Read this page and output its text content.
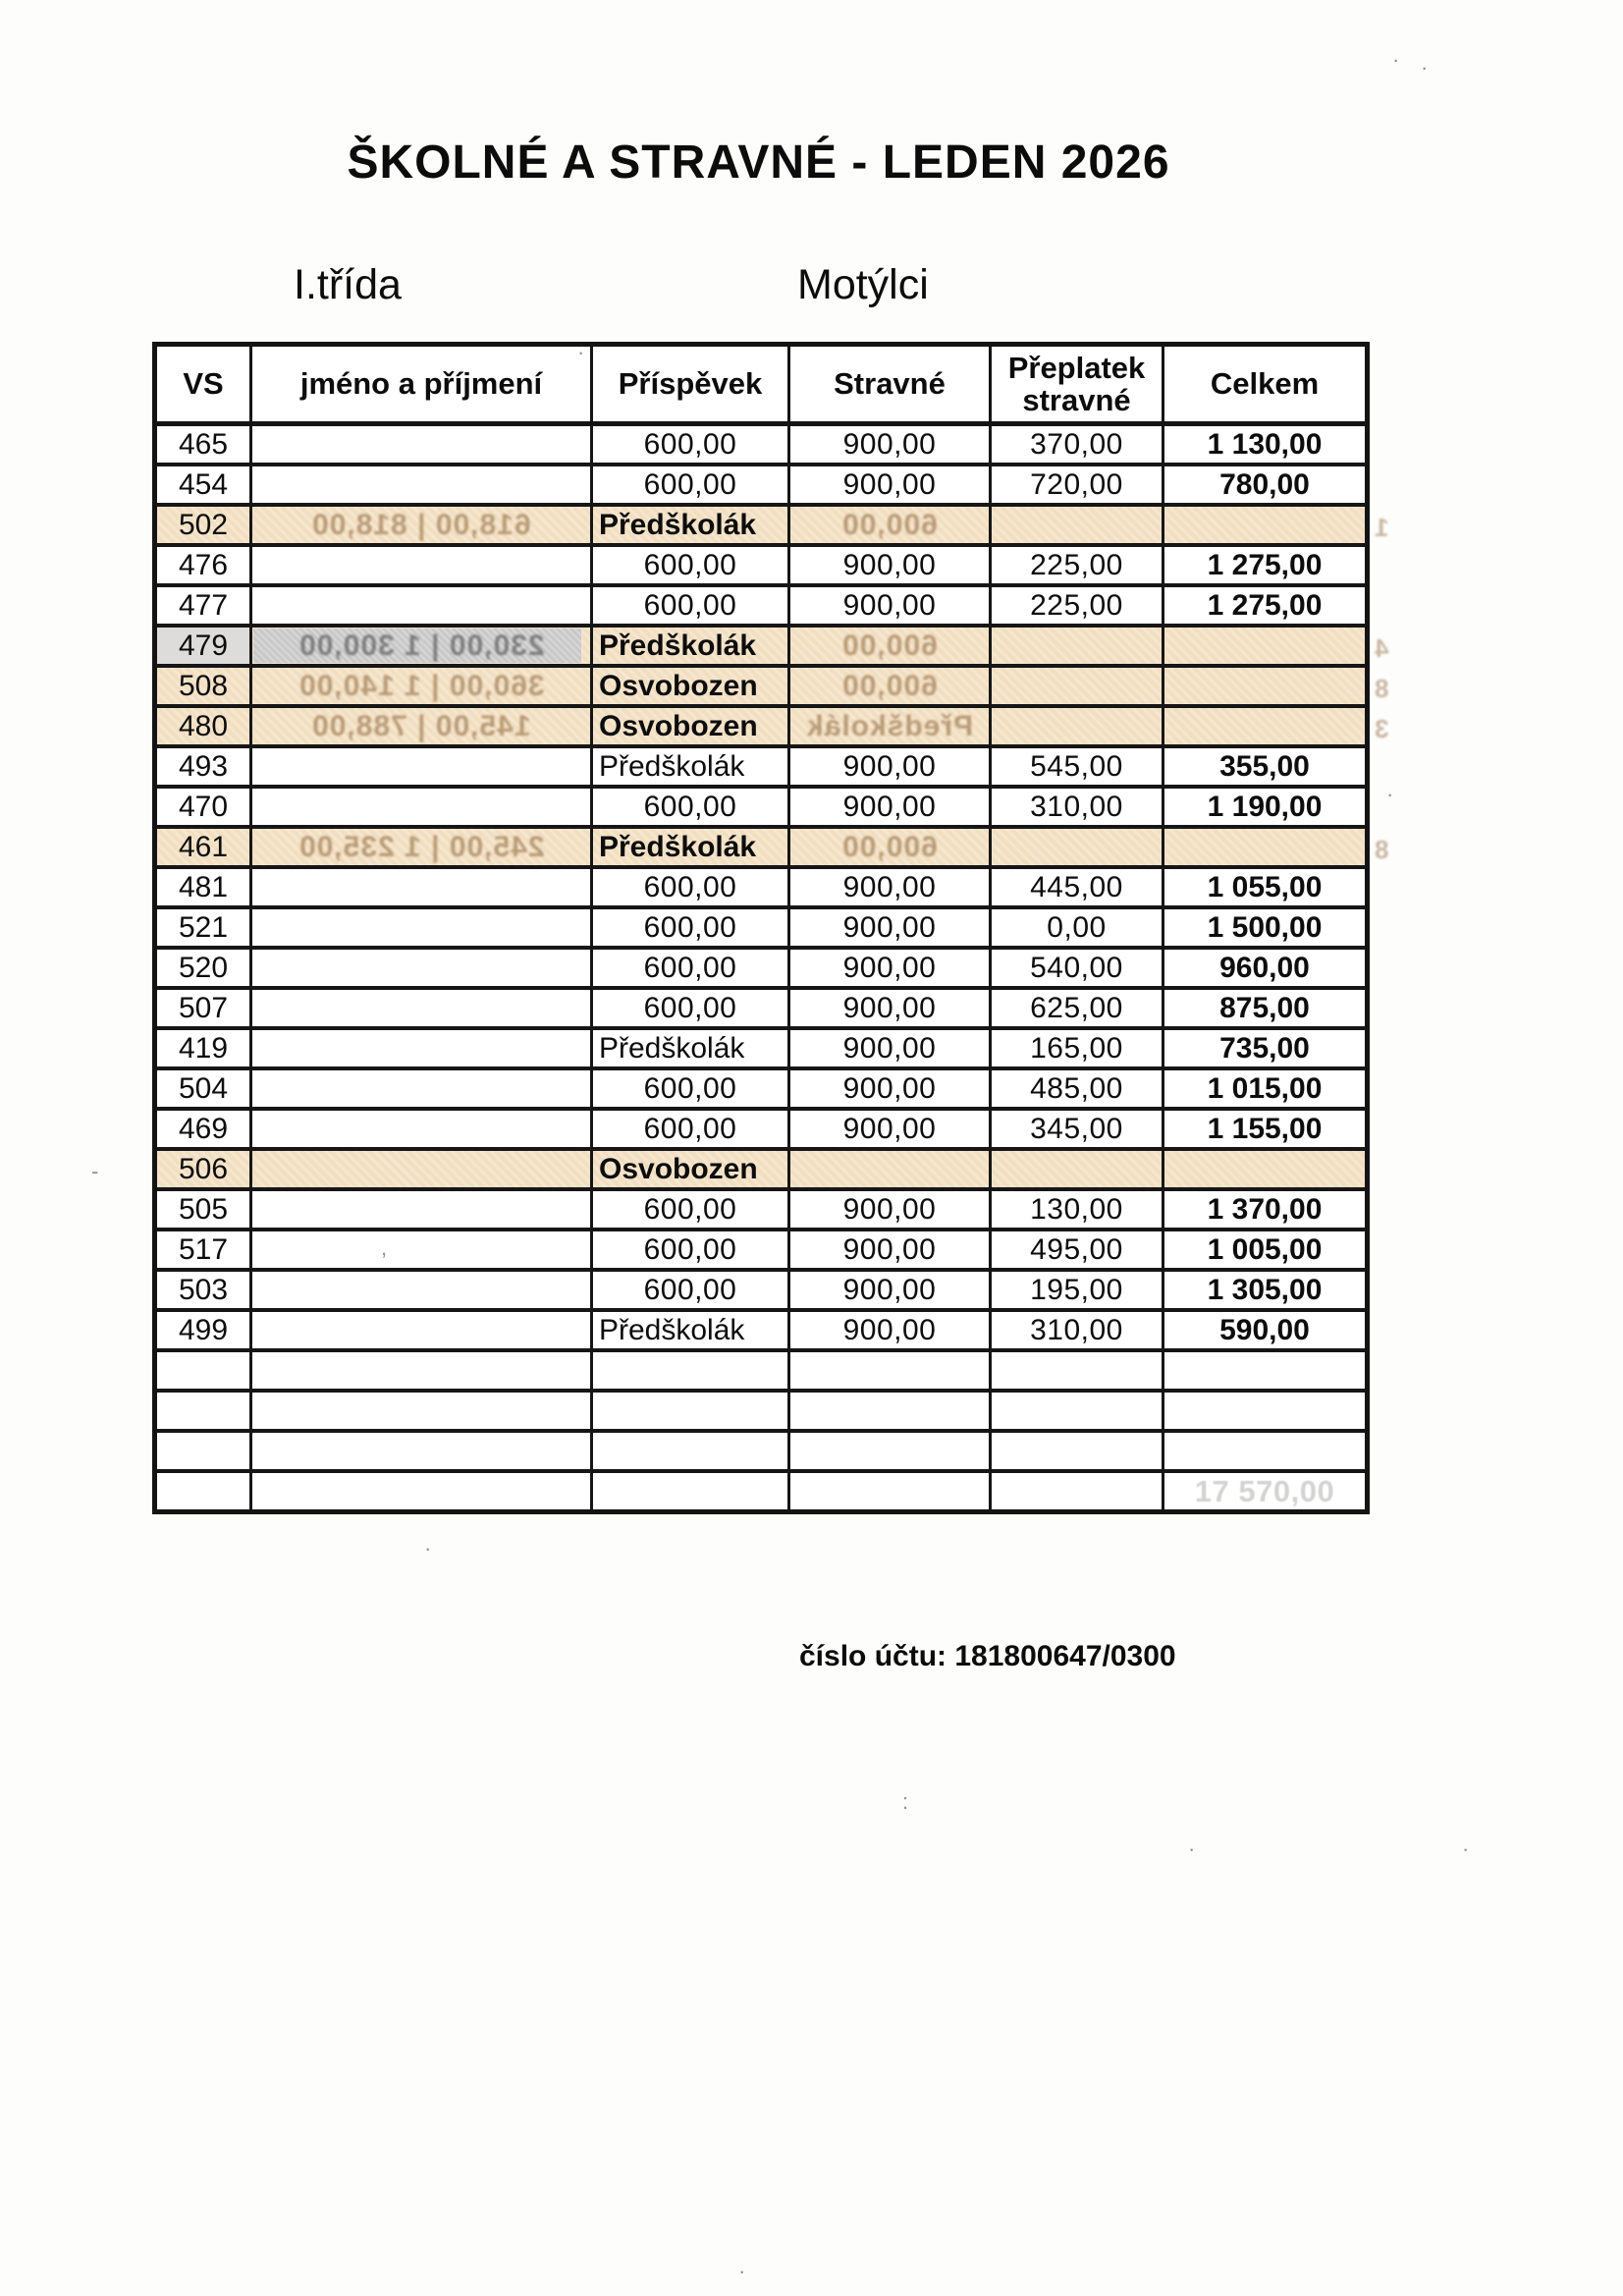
ŠKOLNÉ A STRAVNÉ - LEDEN 2026
I.třída	Motýlci
VS	jméno a příjmení	Příspěvek	Stravné	Přeplatek stravné	Celkem
465		600,00	900,00	370,00	1 130,00
454		600,00	900,00	720,00	780,00
502	618,00 | 818,00	Předškolák	600,00		1

476		600,00	900,00	225,00	1 275,00
477		600,00	900,00	225,00	1 275,00
479	230,00 | 1 300,00	Předškolák	600,00		4

508	360,00 | 1 140,00	Osvobozen	600,00		8

480	145,00 | 788,00	Osvobozen	Předškolák		3

493		Předškolák	900,00	545,00	355,00
470		600,00	900,00	310,00	1 190,00
461	245,00 | 1 235,00	Předškolák	600,00		8

481		600,00	900,00	445,00	1 055,00
521		600,00	900,00	0,00	1 500,00
520		600,00	900,00	540,00	960,00
507		600,00	900,00	625,00	875,00
419		Předškolák	900,00	165,00	735,00
504		600,00	900,00	485,00	1 015,00
469		600,00	900,00	345,00	1 155,00
506		Osvobozen			
505		600,00	900,00	130,00	1 370,00
517		600,00	900,00	495,00	1 005,00
503		600,00	900,00	195,00	1 305,00
499		Předškolák	900,00	310,00	590,00

					17 570,00
číslo účtu: 181800647/0300
· ·
·
·
,
·
-
:
·	·
·
